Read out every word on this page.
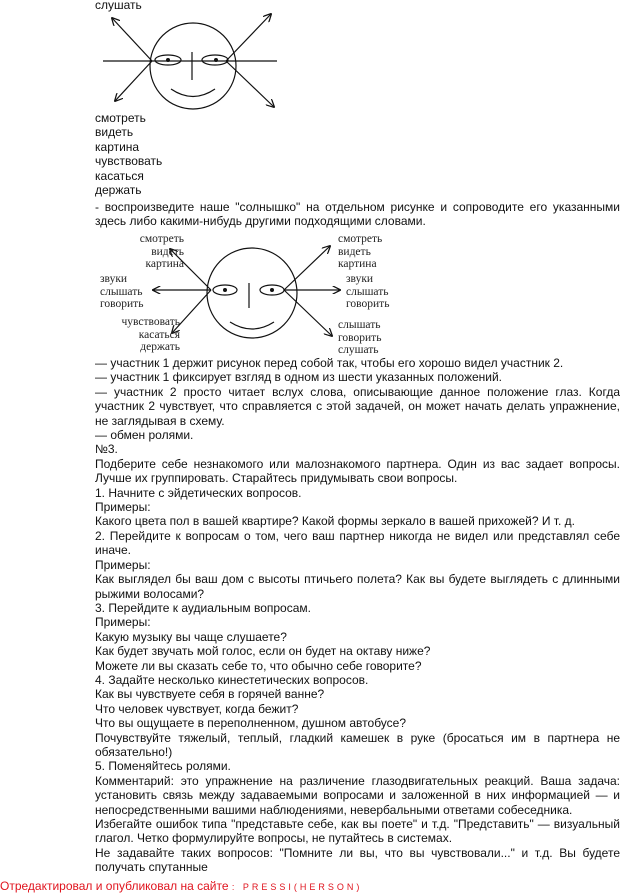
слушать
смотреть
видеть
картина
чувствовать
касаться
держать
- воспроизведите наше "солнышко" на отдельном рисунке и сопроводите его указанными здесь либо какими-нибудь другими подходящими словами.
смотреть
видеть
картина
звуки
слышать
говорить
чувствовать
касаться
держать
смотреть
видеть
картина
звуки
слышать
говорить
слышать
говорить
слушать
— участник 1 держит рисунок перед собой так, чтобы его хорошо видел участник 2.
— участник 1 фиксирует взгляд в одном из шести указанных положений.
— участник 2 просто читает вслух слова, описывающие данное положение глаз. Когда участник 2 чувствует, что справляется с этой задачей, он может начать делать упражнение, не заглядывая в схему.
— обмен ролями.
№3.
Подберите себе незнакомого или малознакомого партнера. Один из вас задает вопросы. Лучше их группировать. Старайтесь придумывать свои вопросы.
1. Начните с эйдетических вопросов.
Примеры:
Какого цвета пол в вашей квартире? Какой формы зеркало в вашей прихожей? И т. д.
2. Перейдите к вопросам о том, чего ваш партнер никогда не видел или представлял себе иначе.
Примеры:
Как выглядел бы ваш дом с высоты птичьего полета? Как вы будете выглядеть с длинными рыжими волосами?
3. Перейдите к аудиальным вопросам.
Примеры:
Какую музыку вы чаще слушаете?
Как будет звучать мой голос, если он будет на октаву ниже?
Можете ли вы сказать себе то, что обычно себе говорите?
4. Задайте несколько кинестетических вопросов.
Как вы чувствуете себя в горячей ванне?
Что человек чувствует, когда бежит?
Что вы ощущаете в переполненном, душном автобусе?
Почувствуйте тяжелый, теплый, гладкий камешек в руке (бросаться им в партнера не обязательно!)
5. Поменяйтесь ролями.
Комментарий: это упражнение на различение глазодвигательных реакций. Ваша задача: установить связь между задаваемыми вопросами и заложенной в них информацией — и непосредственными вашими наблюдениями, невербальными ответами собеседника.
Избегайте ошибок типа "представьте себе, как вы поете" и т.д. "Представить" — визуальный глагол. Четко формулируйте вопросы, не путайтесь в системах.
Не задавайте таких вопросов: "Помните ли вы, что вы чувствовали..." и т.д. Вы будете получать спутанные
Отредактировал и опубликовал на сайте : PRESSI(HERSON)
